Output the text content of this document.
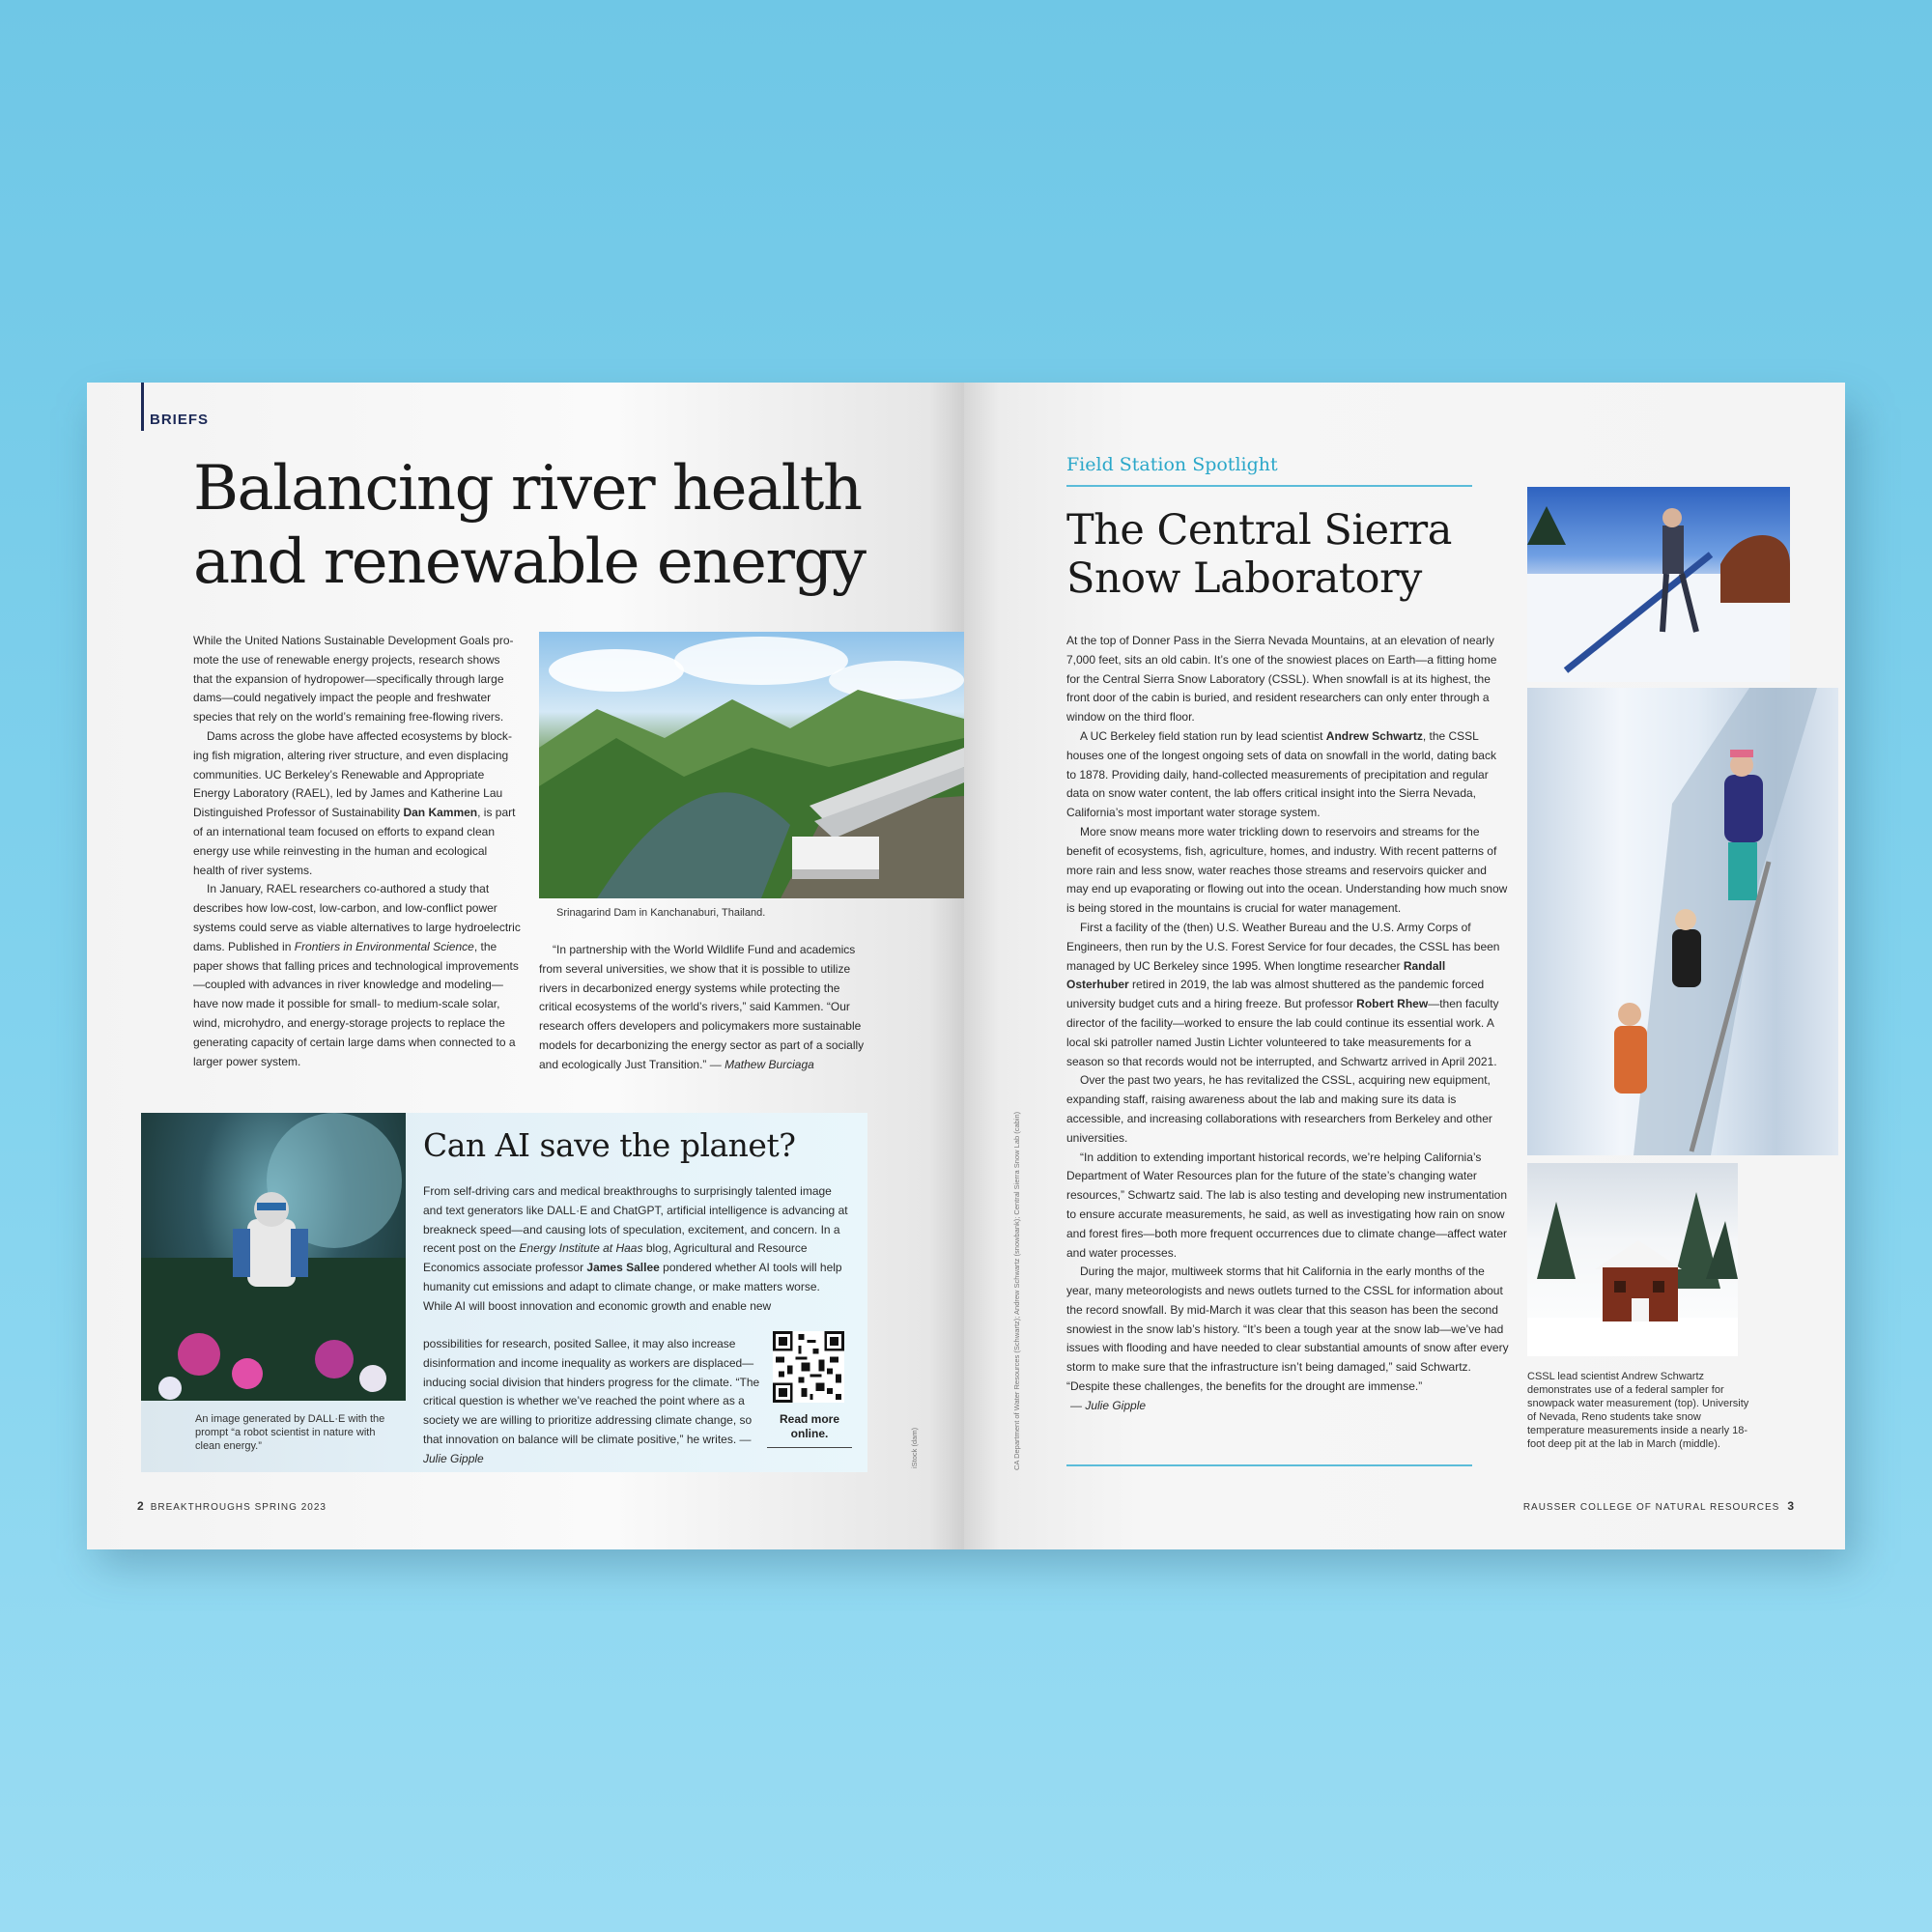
BRIEFS
Balancing river health
and renewable energy

While the United Nations Sustainable Development Goals promote the use of renewable energy projects, research shows that the expansion of hydropower—specifically through large dams—could negatively impact the people and freshwater species that rely on the world’s remaining free-flowing rivers.

Dams across the globe have affected ecosystems by blocking fish migration, altering river structure, and even displacing communities. UC Berkeley’s Renewable and Appropriate Energy Laboratory (RAEL), led by James and Katherine Lau Distinguished Professor of Sustainability Dan Kammen, is part of an international team focused on efforts to expand clean energy use while reinvesting in the human and ecological health of river systems.

In January, RAEL researchers co-authored a study that describes how low-cost, low-carbon, and low-conflict power systems could serve as viable alternatives to large hydroelectric dams. Published in Frontiers in Environmental Science, the paper shows that falling prices and technological improvements—coupled with advances in river knowledge and modeling—have now made it possible for small- to medium-scale solar, wind, microhydro, and energy-storage projects to replace the generating capacity of certain large dams when connected to a larger power system.

Srinagarind Dam in Kanchanaburi, Thailand.

“In partnership with the World Wildlife Fund and academics from several universities, we show that it is possible to utilize rivers in decarbonized energy systems while protecting the critical ecosystems of the world’s rivers,” said Kammen. “Our research offers developers and policymakers more sustainable models for decarbonizing the energy sector as part of a socially and ecologically Just Transition.” — Mathew Burciaga

An image generated by DALL·E with the prompt “a robot scientist in nature with clean energy.”
Can AI save the planet?

From self-driving cars and medical breakthroughs to surprisingly talented image and text generators like DALL·E and ChatGPT, artificial intelligence is advancing at breakneck speed—and causing lots of speculation, excitement, and concern. In a recent post on the Energy Institute at Haas blog, Agricultural and Resource Economics associate professor James Sallee pondered whether AI tools will help humanity cut emissions and adapt to climate change, or make matters worse. While AI will boost innovation and economic growth and enable new

possibilities for research, posited Sallee, it may also increase disinformation and income inequality as workers are displaced—inducing social division that hinders progress for the climate. “The critical question is whether we’ve reached the point where as a society we are willing to prioritize addressing climate change, so that innovation on balance will be climate positive,” he writes. — Julie Gipple

Read more online.	iStock (dam)
2 BREAKTHROUGHS SPRING 2023
CA Department of Water Resources (Schwartz); Andrew Schwartz (snowbank); Central Sierra Snow Lab (cabin)
Field Station Spotlight
The Central Sierra
Snow Laboratory

At the top of Donner Pass in the Sierra Nevada Mountains, at an elevation of nearly 7,000 feet, sits an old cabin. It’s one of the snowiest places on Earth—a fitting home for the Central Sierra Snow Laboratory (CSSL). When snowfall is at its highest, the front door of the cabin is buried, and resident researchers can only enter through a window on the third floor.

A UC Berkeley field station run by lead scientist Andrew Schwartz, the CSSL houses one of the longest ongoing sets of data on snowfall in the world, dating back to 1878. Providing daily, hand-collected measurements of precipitation and regular data on snow water content, the lab offers critical insight into the Sierra Nevada, California’s most important water storage system.

More snow means more water trickling down to reservoirs and streams for the benefit of ecosystems, fish, agriculture, homes, and industry. With recent patterns of more rain and less snow, water reaches those streams and reservoirs quicker and may end up evaporating or flowing out into the ocean. Understanding how much snow is being stored in the mountains is crucial for water management.

First a facility of the (then) U.S. Weather Bureau and the U.S. Army Corps of Engineers, then run by the U.S. Forest Service for four decades, the CSSL has been managed by UC Berkeley since 1995. When longtime researcher Randall Osterhuber retired in 2019, the lab was almost shuttered as the pandemic forced university budget cuts and a hiring freeze. But professor Robert Rhew—then faculty director of the facility—worked to ensure the lab could continue its essential work. A local ski patroller named Justin Lichter volunteered to take measurements for a season so that records would not be interrupted, and Schwartz arrived in April 2021.

Over the past two years, he has revitalized the CSSL, acquiring new equipment, expanding staff, raising awareness about the lab and making sure its data is accessible, and increasing collaborations with researchers from Berkeley and other universities.

“In addition to extending important historical records, we’re helping California’s Department of Water Resources plan for the future of the state’s changing water resources,” Schwartz said. The lab is also testing and developing new instrumentation to ensure accurate measurements, he said, as well as investigating how rain on snow and forest fires—both more frequent occurrences due to climate change—affect water and water processes.

During the major, multiweek storms that hit California in the early months of the year, many meteorologists and news outlets turned to the CSSL for information about the record snowfall. By mid-March it was clear that this season has been the second snowiest in the snow lab’s history. “It’s been a tough year at the snow lab—we’ve had issues with flooding and have needed to clear substantial amounts of snow after every storm to make sure that the infrastructure isn’t being damaged,” said Schwartz. “Despite these challenges, the benefits for the drought are immense.”

— Julie Gipple

CSSL lead scientist Andrew Schwartz demonstrates use of a federal sampler for snowpack water measurement (top). University of Nevada, Reno students take snow temperature measurements inside a nearly 18-foot deep pit at the lab in March (middle).
RAUSSER COLLEGE OF NATURAL RESOURCES 3
